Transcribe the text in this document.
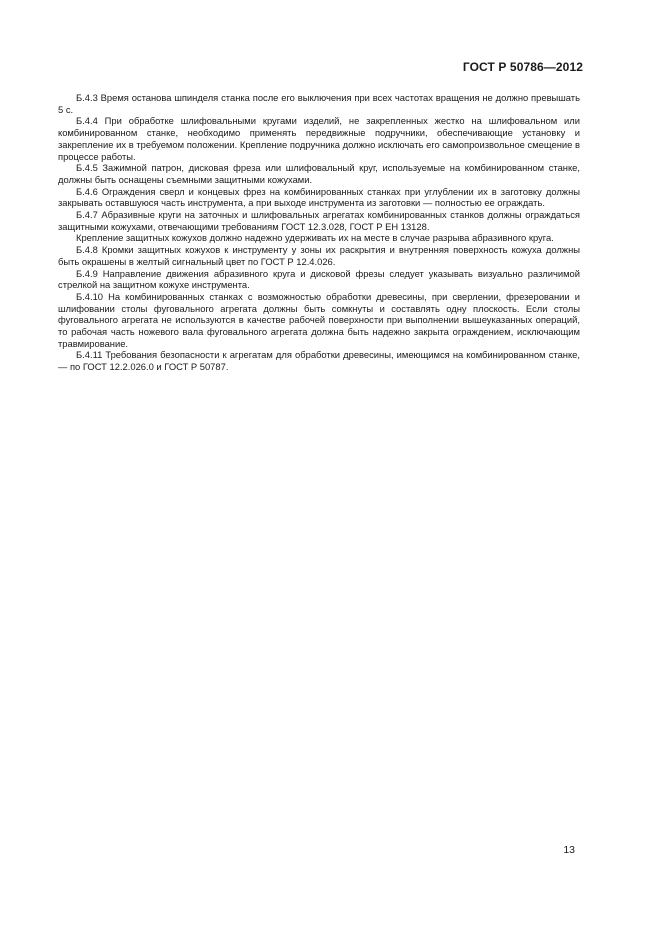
ГОСТ Р 50786—2012

Б.4.3 Время останова шпинделя станка после его выключения при всех частотах вращения не должно превышать 5 с.

Б.4.4 При обработке шлифовальными кругами изделий, не закрепленных жестко на шлифовальном или комбинированном станке, необходимо применять передвижные подручники, обеспечивающие установку и закрепление их в требуемом положении. Крепление подручника должно исключать его самопроизвольное смещение в процессе работы.

Б.4.5 Зажимной патрон, дисковая фреза или шлифовальный круг, используемые на комбинированном станке, должны быть оснащены съемными защитными кожухами.

Б.4.6 Ограждения сверл и концевых фрез на комбинированных станках при углублении их в заготовку должны закрывать оставшуюся часть инструмента, а при выходе инструмента из заготовки — полностью ее ограждать.

Б.4.7 Абразивные круги на заточных и шлифовальных агрегатах комбинированных станков должны ограждаться защитными кожухами, отвечающими требованиям ГОСТ 12.3.028, ГОСТ Р ЕН 13128.

Крепление защитных кожухов должно надежно удерживать их на месте в случае разрыва абразивного круга.

Б.4.8 Кромки защитных кожухов к инструменту у зоны их раскрытия и внутренняя поверхность кожуха должны быть окрашены в желтый сигнальный цвет по ГОСТ Р 12.4.026.

Б.4.9 Направление движения абразивного круга и дисковой фрезы следует указывать визуально различимой стрелкой на защитном кожухе инструмента.

Б.4.10 На комбинированных станках с возможностью обработки древесины, при сверлении, фрезеровании и шлифовании столы фуговального агрегата должны быть сомкнуты и составлять одну плоскость. Если столы фуговального агрегата не используются в качестве рабочей поверхности при выполнении вышеуказанных операций, то рабочая часть ножевого вала фуговального агрегата должна быть надежно закрыта ограждением, исключающим травмирование.

Б.4.11 Требования безопасности к агрегатам для обработки древесины, имеющимся на комбинированном станке, — по ГОСТ 12.2.026.0 и ГОСТ Р 50787.

13
